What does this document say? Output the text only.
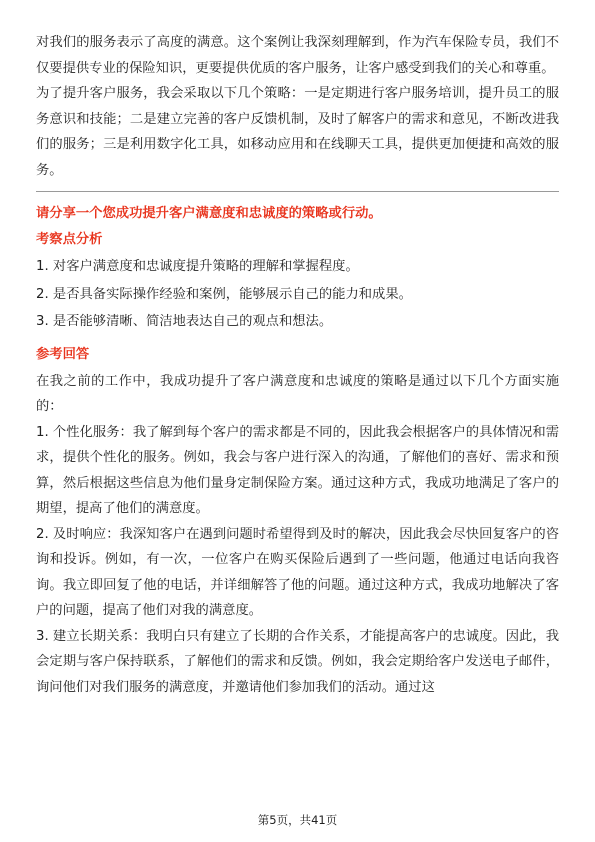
对我们的服务表示了高度的满意。这个案例让我深刻理解到，作为汽车保险专员，我们不仅要提供专业的保险知识，更要提供优质的客户服务，让客户感受到我们的关心和尊重。

为了提升客户服务，我会采取以下几个策略：一是定期进行客户服务培训，提升员工的服务意识和技能；二是建立完善的客户反馈机制，及时了解客户的需求和意见，不断改进我们的服务；三是利用数字化工具，如移动应用和在线聊天工具，提供更加便捷和高效的服务。

请分享一个您成功提升客户满意度和忠诚度的策略或行动。

考察点分析

1. 对客户满意度和忠诚度提升策略的理解和掌握程度。

2. 是否具备实际操作经验和案例，能够展示自己的能力和成果。

3. 是否能够清晰、简洁地表达自己的观点和想法。

参考回答

在我之前的工作中，我成功提升了客户满意度和忠诚度的策略是通过以下几个方面实施的：

1. 个性化服务：我了解到每个客户的需求都是不同的，因此我会根据客户的具体情况和需求，提供个性化的服务。例如，我会与客户进行深入的沟通，了解他们的喜好、需求和预算，然后根据这些信息为他们量身定制保险方案。通过这种方式，我成功地满足了客户的期望，提高了他们的满意度。

2. 及时响应：我深知客户在遇到问题时希望得到及时的解决，因此我会尽快回复客户的咨询和投诉。例如，有一次，一位客户在购买保险后遇到了一些问题，他通过电话向我咨询。我立即回复了他的电话，并详细解答了他的问题。通过这种方式，我成功地解决了客户的问题，提高了他们对我的满意度。

3. 建立长期关系：我明白只有建立了长期的合作关系，才能提高客户的忠诚度。因此，我会定期与客户保持联系，了解他们的需求和反馈。例如，我会定期给客户发送电子邮件，询问他们对我们服务的满意度，并邀请他们参加我们的活动。通过这

第5页，共41页
